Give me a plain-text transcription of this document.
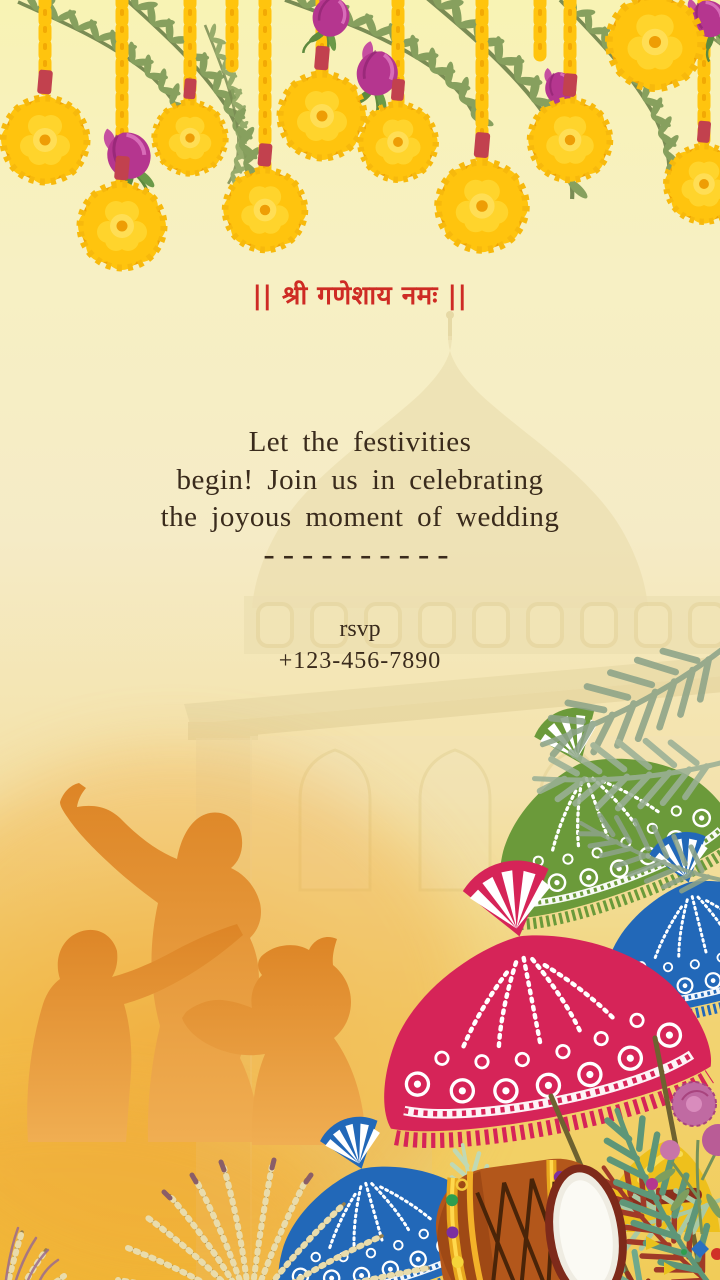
|| श्री गणेशाय नमः ||
Let the festivities
begin! Join us in celebrating
the joyous moment of wedding
----------
rsvp
+123-456-7890
